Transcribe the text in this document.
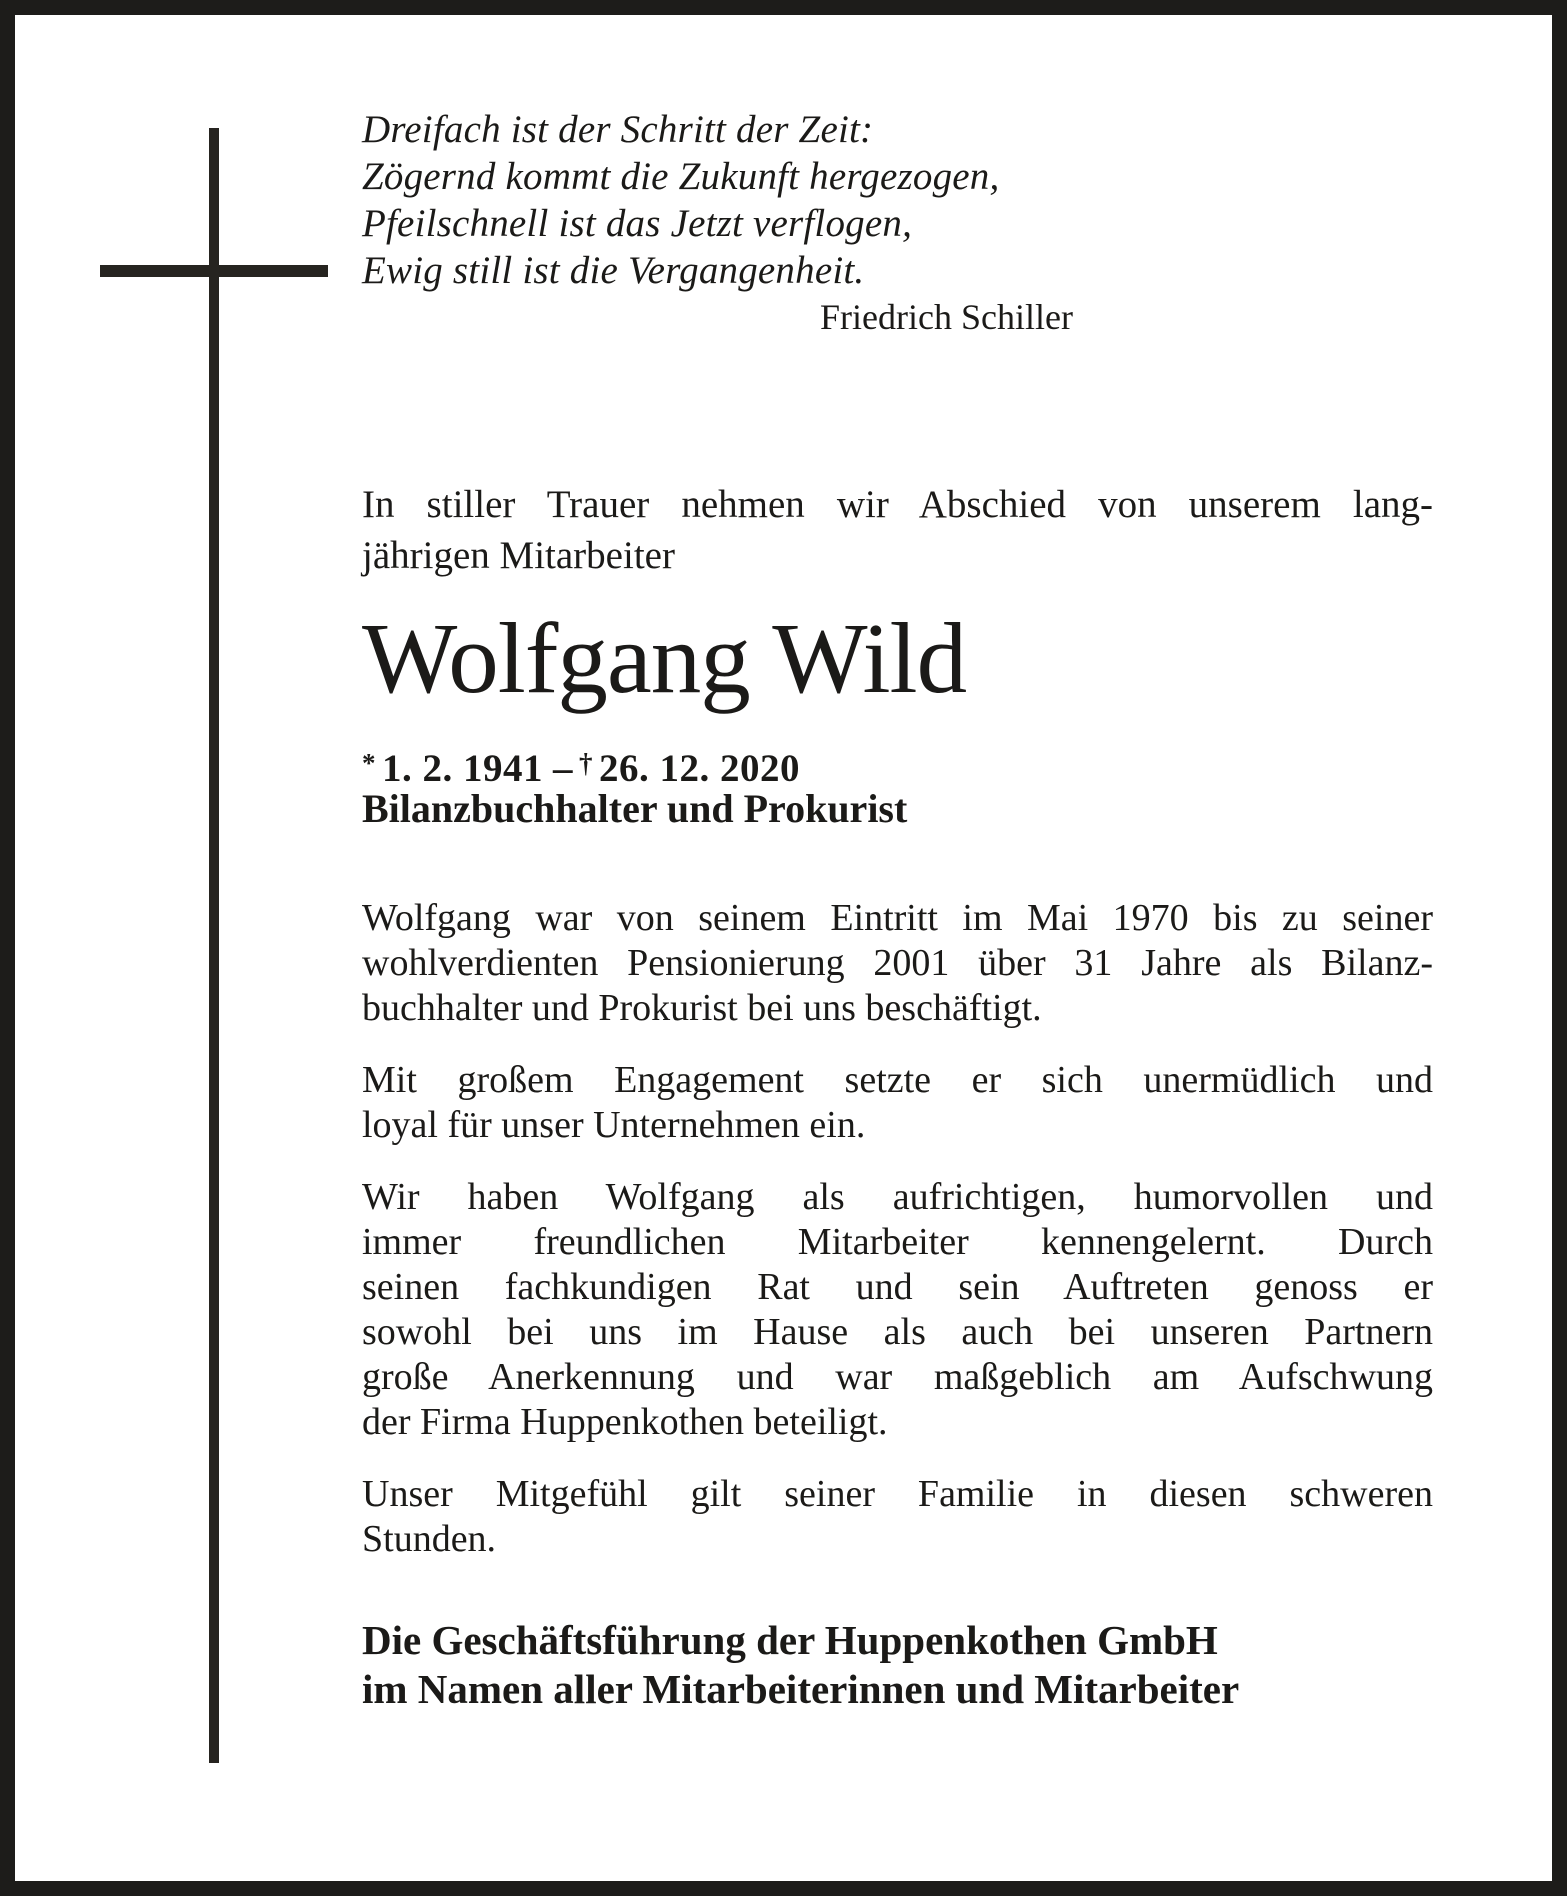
Dreifach ist der Schritt der Zeit:
Zögernd kommt die Zukunft hergezogen,
Pfeilschnell ist das Jetzt verflogen,
Ewig still ist die Vergangenheit.
Friedrich Schiller
In stiller Trauer nehmen wir Abschied von unserem lang-
jährigen Mitarbeiter
Wolfgang Wild
* 1. 2. 1941 – † 26. 12. 2020
Bilanzbuchhalter und Prokurist
Wolfgang war von seinem Eintritt im Mai 1970 bis zu seiner
wohlverdienten Pensionierung 2001 über 31 Jahre als Bilanz-
buchhalter und Prokurist bei uns beschäftigt.
Mit großem Engagement setzte er sich unermüdlich und
loyal für unser Unternehmen ein.
Wir haben Wolfgang als aufrichtigen, humorvollen und
immer freundlichen Mitarbeiter kennengelernt. Durch
seinen fachkundigen Rat und sein Auftreten genoss er
sowohl bei uns im Hause als auch bei unseren Partnern
große Anerkennung und war maßgeblich am Aufschwung
der Firma Huppenkothen beteiligt.
Unser Mitgefühl gilt seiner Familie in diesen schweren
Stunden.
Die Geschäftsführung der Huppenkothen GmbH
im Namen aller Mitarbeiterinnen und Mitarbeiter
